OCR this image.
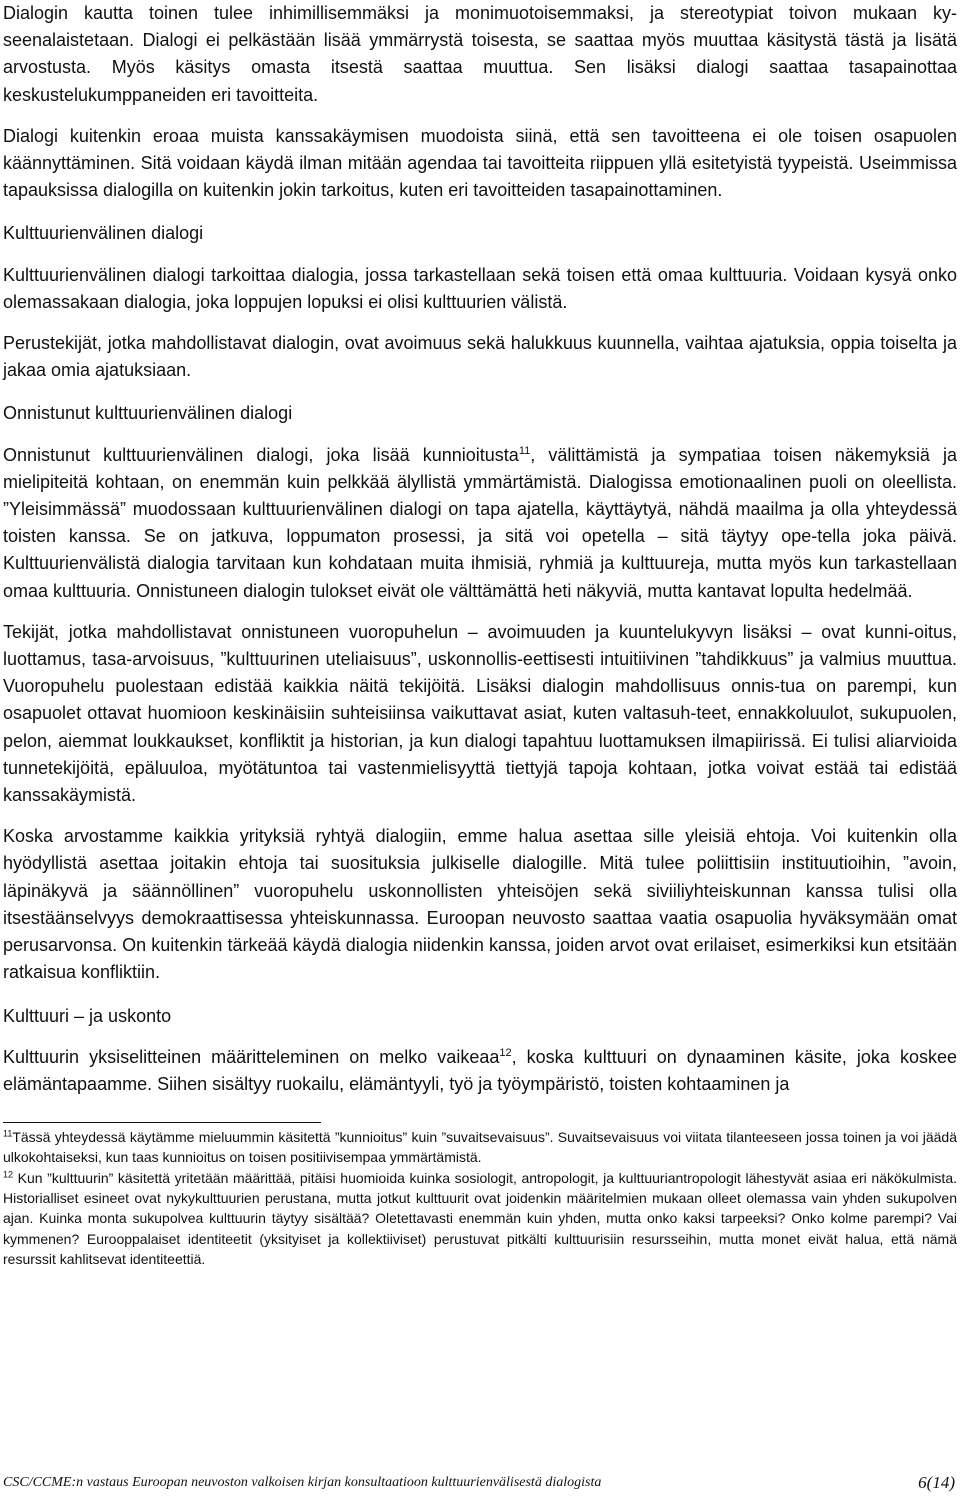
Dialogin kautta toinen tulee inhimillisemmäksi ja monimuotoisemmaksi, ja stereotypiat toivon mukaan ky-seenalaistetaan. Dialogi ei pelkästään lisää ymmärrystä toisesta, se saattaa myös muuttaa käsitystä tästä ja lisätä arvostusta. Myös käsitys omasta itsestä saattaa muuttua. Sen lisäksi dialogi saattaa tasapainottaa keskustelukumppaneiden eri tavoitteita.

Dialogi kuitenkin eroaa muista kanssakäymisen muodoista siinä, että sen tavoitteena ei ole toisen osapuolen käännyttäminen. Sitä voidaan käydä ilman mitään agendaa tai tavoitteita riippuen yllä esitetyistä tyypeistä. Useimmissa tapauksissa dialogilla on kuitenkin jokin tarkoitus, kuten eri tavoitteiden tasapainottaminen.

Kulttuurienvälinen dialogi

Kulttuurienvälinen dialogi tarkoittaa dialogia, jossa tarkastellaan sekä toisen että omaa kulttuuria. Voidaan kysyä onko olemassakaan dialogia, joka loppujen lopuksi ei olisi kulttuurien välistä.

Perustekijät, jotka mahdollistavat dialogin, ovat avoimuus sekä halukkuus kuunnella, vaihtaa ajatuksia, oppia toiselta ja jakaa omia ajatuksiaan.

Onnistunut kulttuurienvälinen dialogi

Onnistunut kulttuurienvälinen dialogi, joka lisää kunnioitusta$^{11}$, välittämistä ja sympatiaa toisen näkemyksiä ja mielipiteitä kohtaan, on enemmän kuin pelkkää älyllistä ymmärtämistä. Dialogissa emotionaalinen puoli on oleellista. ”Yleisimmässä” muodossaan kulttuurienvälinen dialogi on tapa ajatella, käyttäytyä, nähdä maailma ja olla yhteydessä toisten kanssa. Se on jatkuva, loppumaton prosessi, ja sitä voi opetella – sitä täytyy ope-tella joka päivä. Kulttuurienvälistä dialogia tarvitaan kun kohdataan muita ihmisiä, ryhmiä ja kulttuureja, mutta myös kun tarkastellaan omaa kulttuuria. Onnistuneen dialogin tulokset eivät ole välttämättä heti näkyviä, mutta kantavat lopulta hedelmää.

Tekijät, jotka mahdollistavat onnistuneen vuoropuhelun – avoimuuden ja kuuntelukyvyn lisäksi – ovat kunni-oitus, luottamus, tasa-arvoisuus, ”kulttuurinen uteliaisuus”, uskonnollis-eettisesti intuitiivinen ”tahdikkuus” ja valmius muuttua. Vuoropuhelu puolestaan edistää kaikkia näitä tekijöitä. Lisäksi dialogin mahdollisuus onnis-tua on parempi, kun osapuolet ottavat huomioon keskinäisiin suhteisiinsa vaikuttavat asiat, kuten valtasuh-teet, ennakkoluulot, sukupuolen, pelon, aiemmat loukkaukset, konfliktit ja historian, ja kun dialogi tapahtuu luottamuksen ilmapiirissä. Ei tulisi aliarvioida tunnetekijöitä, epäluuloa, myötätuntoa tai vastenmielisyyttä tiettyjä tapoja kohtaan, jotka voivat estää tai edistää kanssakäymistä.

Koska arvostamme kaikkia yrityksiä ryhtyä dialogiin, emme halua asettaa sille yleisiä ehtoja. Voi kuitenkin olla hyödyllistä asettaa joitakin ehtoja tai suosituksia julkiselle dialogille. Mitä tulee poliittisiin instituutioihin, ”avoin, läpinäkyvä ja säännöllinen” vuoropuhelu uskonnollisten yhteisöjen sekä siviiliyhteiskunnan kanssa tulisi olla itsestäänselvyys demokraattisessa yhteiskunnassa. Euroopan neuvosto saattaa vaatia osapuolia hyväksymään omat perusarvonsa. On kuitenkin tärkeää käydä dialogia niidenkin kanssa, joiden arvot ovat erilaiset, esimerkiksi kun etsitään ratkaisua konfliktiin.

Kulttuuri – ja uskonto

Kulttuurin yksiselitteinen määritteleminen on melko vaikeaa$^{12}$, koska kulttuuri on dynaaminen käsite, joka koskee elämäntapaamme. Siihen sisältyy ruokailu, elämäntyyli, työ ja työympäristö, toisten kohtaaminen ja

$^{11}$Tässä yhteydessä käytämme mieluummin käsitettä ”kunnioitus” kuin ”suvaitsevaisuus”. Suvaitsevaisuus voi viitata tilanteeseen jossa toinen ja voi jäädä ulkokohtaiseksi, kun taas kunnioitus on toisen positiivisempaa ymmärtämistä.

$^{12}$ Kun ”kulttuurin” käsitettä yritetään määrittää, pitäisi huomioida kuinka sosiologit, antropologit, ja kulttuuriantropologit lähestyvät asiaa eri näkökulmista. Historialliset esineet ovat nykykulttuurien perustana, mutta jotkut kulttuurit ovat joidenkin määritelmien mukaan olleet olemassa vain yhden sukupolven ajan. Kuinka monta sukupolvea kulttuurin täytyy sisältää? Oletettavasti enemmän kuin yhden, mutta onko kaksi tarpeeksi? Onko kolme parempi? Vai kymmenen? Eurooppalaiset identiteetit (yksityiset ja kollektiiviset) perustuvat pitkälti kulttuurisiin resursseihin, mutta monet eivät halua, että nämä resurssit kahlitsevat identiteettiä.

CSC/CCME:n vastaus Euroopan neuvoston valkoisen kirjan konsultaatioon kulttuurienvälisestä dialogista	6(14)
